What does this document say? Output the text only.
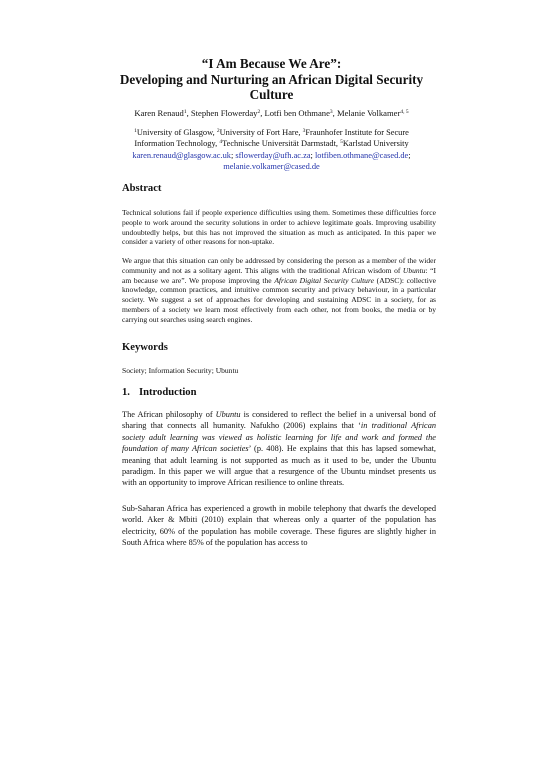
“I Am Because We Are”:
Developing and Nurturing an African Digital Security
Culture
Karen Renaud$^1$, Stephen Flowerday$^2$, Lotfi ben Othmane$^3$, Melanie Volkamer$^{4, 5}$
$^1$University of Glasgow, $^2$University of Fort Hare, $^3$Fraunhofer Institute for Secure
Information Technology, $^4$Technische Universität Darmstadt, $^5$Karlstad University
karen.renaud@glasgow.ac.uk; sflowerday@ufh.ac.za; lotfiben.othmane@cased.de;
melanie.volkamer@cased.de
Abstract
Technical solutions fail if people experience difficulties using them. Sometimes these difficulties force people to work around the security solutions in order to achieve legitimate goals. Improving usability undoubtedly helps, but this has not improved the situation as much as anticipated. In this paper we consider a variety of other reasons for non-uptake.
We argue that this situation can only be addressed by considering the person as a member of the wider community and not as a solitary agent. This aligns with the traditional African wisdom of Ubuntu: “I am because we are”. We propose improving the African Digital Security Culture (ADSC): collective knowledge, common practices, and intuitive common security and privacy behaviour, in a particular society. We suggest a set of approaches for developing and sustaining ADSC in a society, for as members of a society we learn most effectively from each other, not from books, the media or by carrying out searches using search engines.
Keywords
Society; Information Security; Ubuntu
1. Introduction
The African philosophy of Ubuntu is considered to reflect the belief in a universal bond of sharing that connects all humanity. Nafukho (2006) explains that ‘in traditional African society adult learning was viewed as holistic learning for life and work and formed the foundation of many African societies’ (p. 408). He explains that this has lapsed somewhat, meaning that adult learning is not supported as much as it used to be, under the Ubuntu paradigm. In this paper we will argue that a resurgence of the Ubuntu mindset presents us with an opportunity to improve African resilience to online threats.
Sub-Saharan Africa has experienced a growth in mobile telephony that dwarfs the developed world. Aker & Mbiti (2010) explain that whereas only a quarter of the population has electricity, 60% of the population has mobile coverage. These figures are slightly higher in South Africa where 85% of the population has access to
